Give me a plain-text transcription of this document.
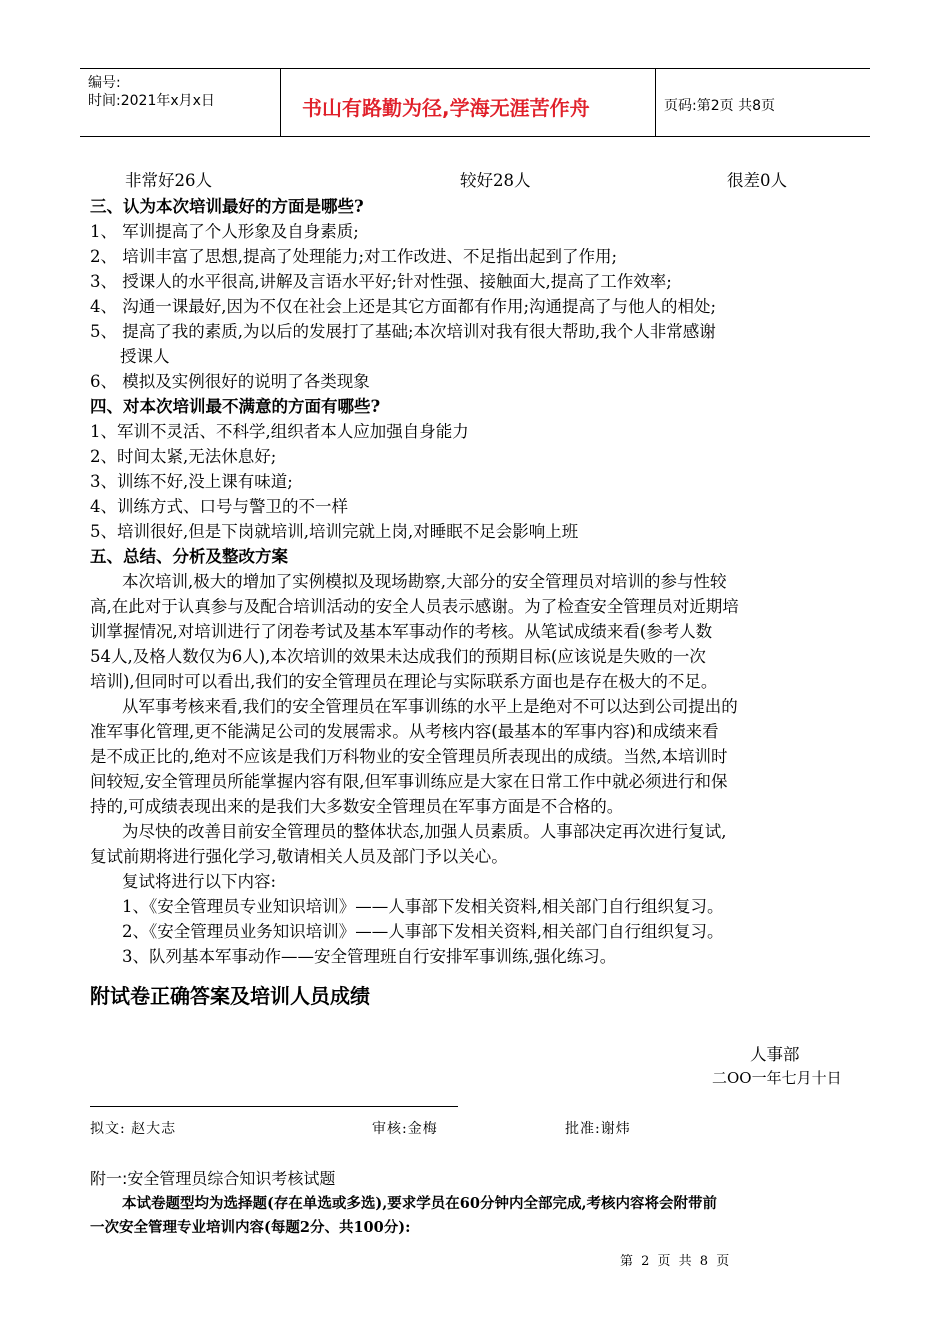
编号:
时间:2021年x月x日	书山有路勤为径,学海无涯苦作舟	页码:第2页 共8页
非常好26人	较好28人	很差0人
三、认为本次培训最好的方面是哪些?
1、 军训提高了个人形象及自身素质;
2、 培训丰富了思想,提高了处理能力;对工作改进、不足指出起到了作用;
3、 授课人的水平很高,讲解及言语水平好;针对性强、接触面大,提高了工作效率;
4、 沟通一课最好,因为不仅在社会上还是其它方面都有作用;沟通提高了与他人的相处;
5、 提高了我的素质,为以后的发展打了基础;本次培训对我有很大帮助,我个人非常感谢
授课人
6、 模拟及实例很好的说明了各类现象
四、对本次培训最不满意的方面有哪些?
1、军训不灵活、不科学,组织者本人应加强自身能力
2、时间太紧,无法休息好;
3、训练不好,没上课有味道;
4、训练方式、口号与警卫的不一样
5、培训很好,但是下岗就培训,培训完就上岗,对睡眠不足会影响上班
五、总结、分析及整改方案
本次培训,极大的增加了实例模拟及现场勘察,大部分的安全管理员对培训的参与性较
高,在此对于认真参与及配合培训活动的安全人员表示感谢。为了检查安全管理员对近期培
训掌握情况,对培训进行了闭卷考试及基本军事动作的考核。从笔试成绩来看(参考人数
54人,及格人数仅为6人),本次培训的效果未达成我们的预期目标(应该说是失败的一次
培训),但同时可以看出,我们的安全管理员在理论与实际联系方面也是存在极大的不足。
从军事考核来看,我们的安全管理员在军事训练的水平上是绝对不可以达到公司提出的
准军事化管理,更不能满足公司的发展需求。从考核内容(最基本的军事内容)和成绩来看
是不成正比的,绝对不应该是我们万科物业的安全管理员所表现出的成绩。当然,本培训时
间较短,安全管理员所能掌握内容有限,但军事训练应是大家在日常工作中就必须进行和保
持的,可成绩表现出来的是我们大多数安全管理员在军事方面是不合格的。
为尽快的改善目前安全管理员的整体状态,加强人员素质。人事部决定再次进行复试,
复试前期将进行强化学习,敬请相关人员及部门予以关心。
复试将进行以下内容:
1、《安全管理员专业知识培训》——人事部下发相关资料,相关部门自行组织复习。
2、《安全管理员业务知识培训》——人事部下发相关资料,相关部门自行组织复习。
3、队列基本军事动作——安全管理班自行安排军事训练,强化练习。
附试卷正确答案及培训人员成绩
人事部
二OO一年七月十日
拟文: 赵大志	审核:金梅	批准:谢炜
附一:安全管理员综合知识考核试题
本试卷题型均为选择题(存在单选或多选),要求学员在60分钟内全部完成,考核内容将会附带前
一次安全管理专业培训内容(每题2分、共100分):
第 2 页 共 8 页
